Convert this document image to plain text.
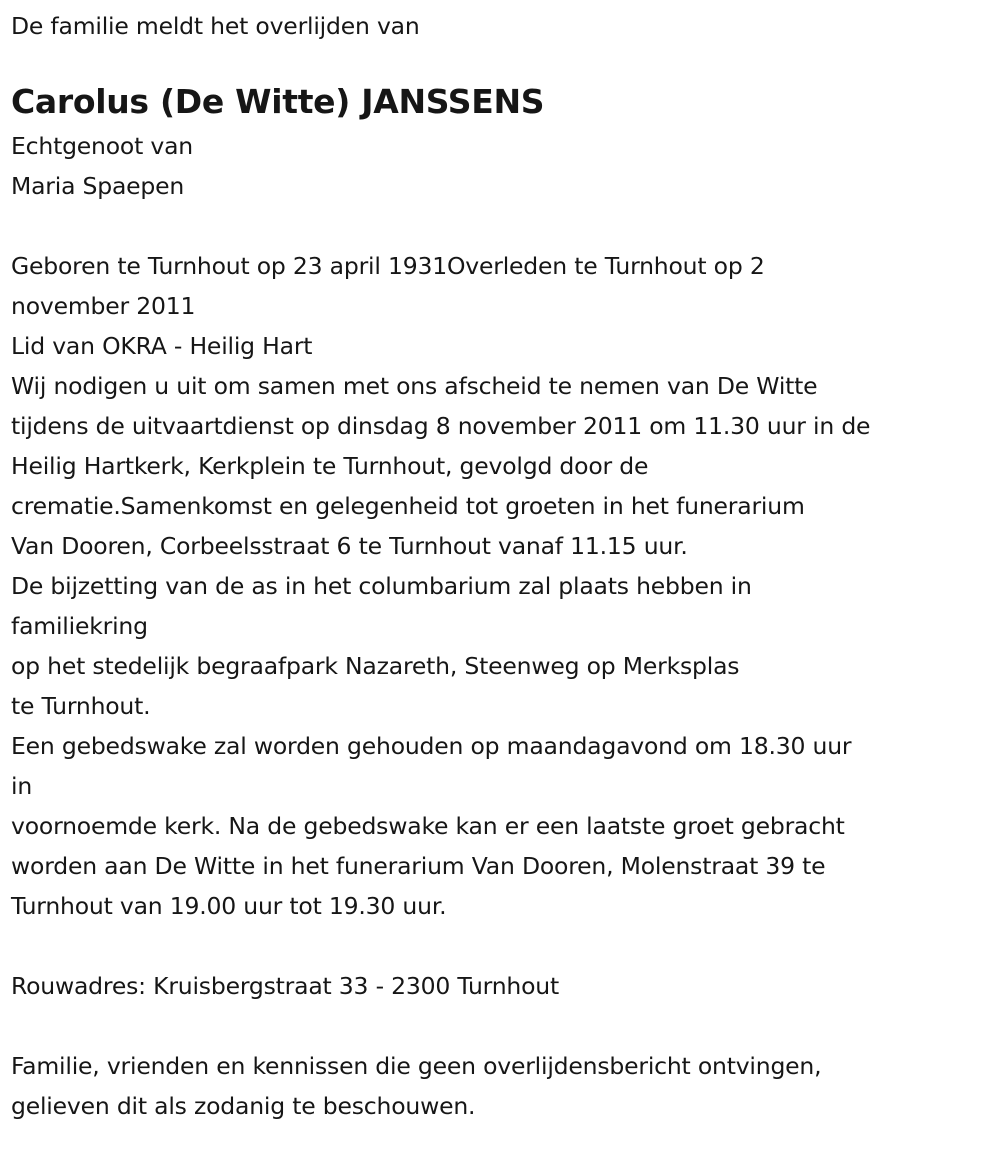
De familie meldt het overlijden van
Carolus (De Witte) JANSSENS
Echtgenoot van
Maria Spaepen
Geboren te Turnhout op 23 april 1931Overleden te Turnhout op 2
november 2011
Lid van OKRA - Heilig Hart
Wij nodigen u uit om samen met ons afscheid te nemen van De Witte
tijdens de uitvaartdienst op dinsdag 8 november 2011 om 11.30 uur in de
Heilig Hartkerk, Kerkplein te Turnhout, gevolgd door de
crematie.Samenkomst en gelegenheid tot groeten in het funerarium
Van Dooren, Corbeelsstraat 6 te Turnhout vanaf 11.15 uur.
De bijzetting van de as in het columbarium zal plaats hebben in
familiekring
op het stedelijk begraafpark Nazareth, Steenweg op Merksplas
te Turnhout.
Een gebedswake zal worden gehouden op maandagavond om 18.30 uur
in
voornoemde kerk. Na de gebedswake kan er een laatste groet gebracht
worden aan De Witte in het funerarium Van Dooren, Molenstraat 39 te
Turnhout van 19.00 uur tot 19.30 uur.
Rouwadres: Kruisbergstraat 33 - 2300 Turnhout
Familie, vrienden en kennissen die geen overlijdensbericht ontvingen,
gelieven dit als zodanig te beschouwen.
